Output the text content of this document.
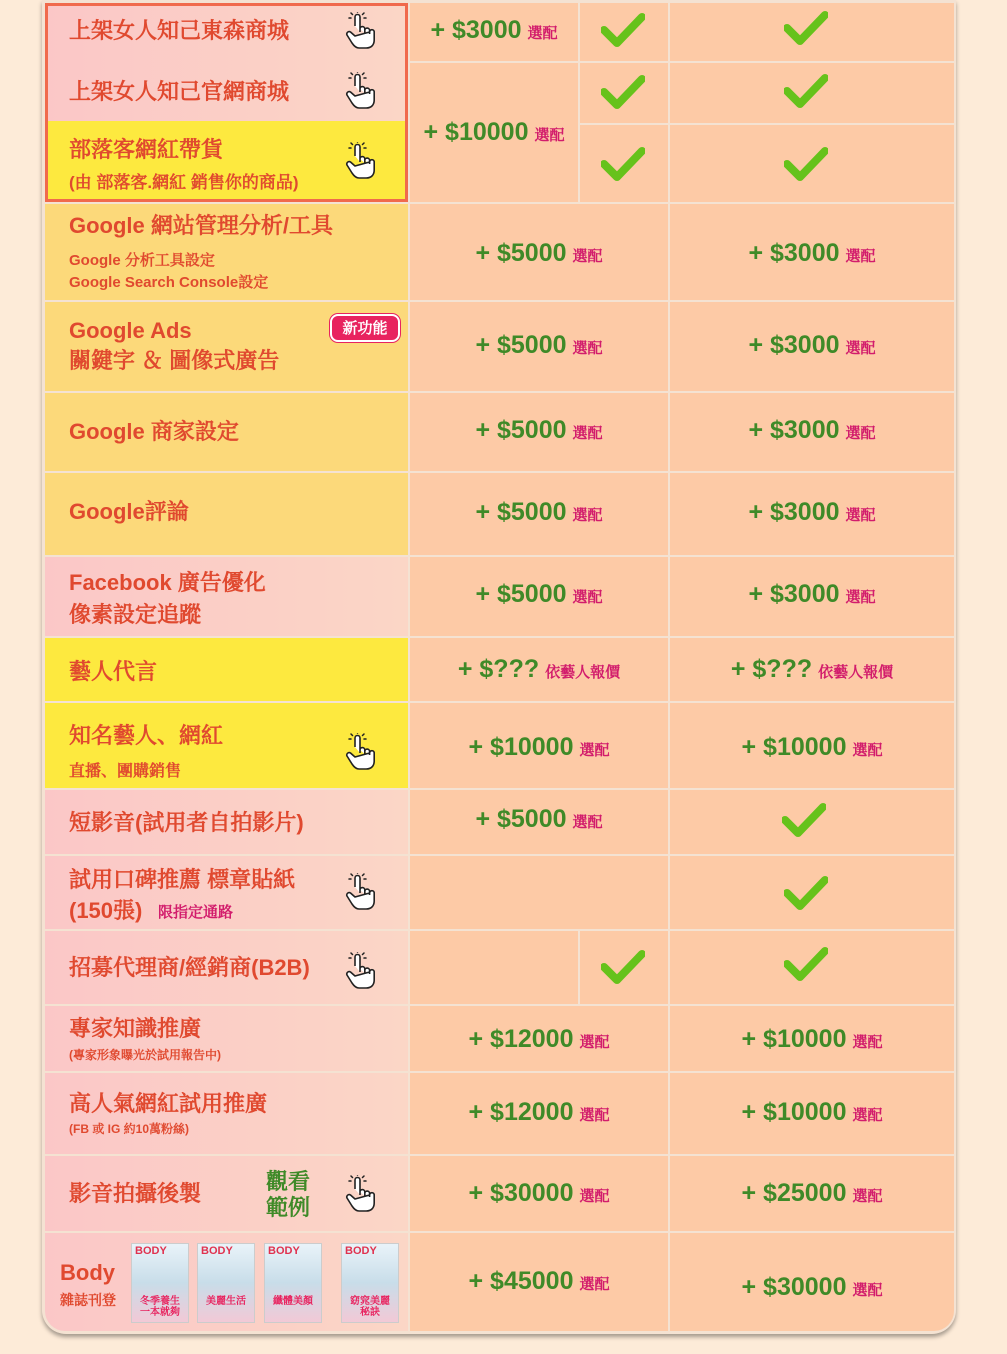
上架女人知己東森商城
上架女人知己官網商城
部落客網紅帶貨
(由 部落客.網紅 銷售你的商品)
Google 網站管理分析/工具
Google 分析工具設定
Google Search Console設定
Google Ads
關鍵字 ＆ 圖像式廣告
新功能
Google 商家設定
Google評論
Facebook 廣告優化
像素設定追蹤
藝人代言
知名藝人、網紅
直播、團購銷售
短影音(試用者自拍影片)
試用口碑推薦 標章貼紙
(150張) 限指定通路
招募代理商/經銷商(B2B)
專家知識推廣
(專家形象曝光於試用報告中)
高人氣網紅試用推廣
(FB 或 IG 約10萬粉絲)
影音拍攝後製	觀看
範例
Body
雜誌刊登
BODY
冬季養生 一本就夠
BODY
美麗生活
BODY
纖體美顏
BODY
窈窕美麗秘訣
+ $3000 選配
+ $10000 選配
+ $5000 選配
+ $5000 選配
+ $5000 選配
+ $5000 選配
+ $5000 選配
+ $??? 依藝人報價
+ $10000 選配
+ $5000 選配
+ $12000 選配
+ $12000 選配
+ $30000 選配
+ $45000 選配
+ $3000 選配
+ $3000 選配
+ $3000 選配
+ $3000 選配
+ $3000 選配
+ $??? 依藝人報價
+ $10000 選配
+ $10000 選配
+ $10000 選配
+ $25000 選配
+ $30000 選配
